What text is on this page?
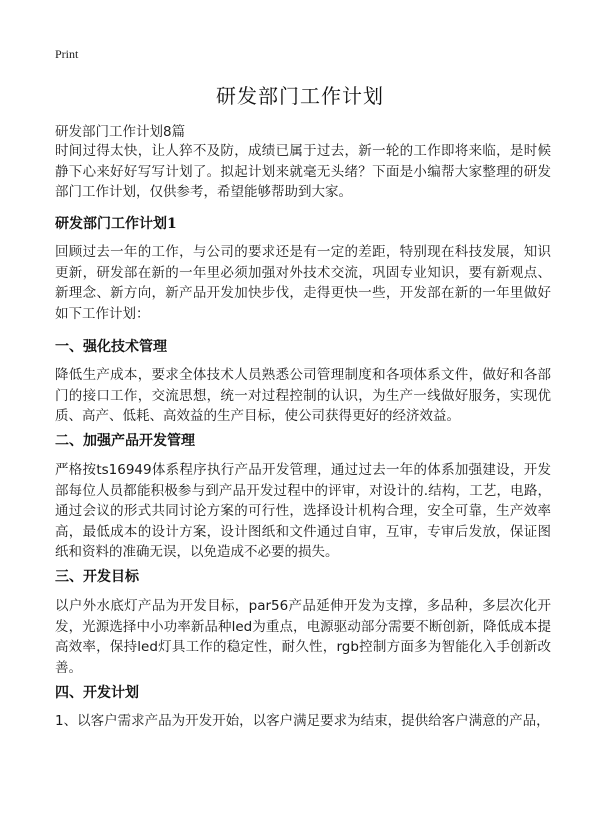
Print
研发部门工作计划
研发部门工作计划8篇

时间过得太快，让人猝不及防，成绩已属于过去，新一轮的工作即将来临，是时候静下心来好好写写计划了。拟起计划来就毫无头绪？下面是小编帮大家整理的研发部门工作计划，仅供参考，希望能够帮助到大家。

研发部门工作计划1

回顾过去一年的工作，与公司的要求还是有一定的差距，特别现在科技发展，知识更新，研发部在新的一年里必须加强对外技术交流，巩固专业知识，要有新观点、新理念、新方向，新产品开发加快步伐，走得更快一些，开发部在新的一年里做好如下工作计划：

一、强化技术管理

降低生产成本，要求全体技术人员熟悉公司管理制度和各项体系文件，做好和各部门的接口工作，交流思想，统一对过程控制的认识，为生产一线做好服务，实现优质、高产、低耗、高效益的生产目标，使公司获得更好的经济效益。

二、加强产品开发管理

严格按ts16949体系程序执行产品开发管理，通过过去一年的体系加强建设，开发部每位人员都能积极参与到产品开发过程中的评审，对设计的.结构，工艺，电路，通过会议的形式共同讨论方案的可行性，选择设计机构合理，安全可靠，生产效率高，最低成本的设计方案，设计图纸和文件通过自审，互审，专审后发放，保证图纸和资料的准确无误，以免造成不必要的损失。

三、开发目标

以户外水底灯产品为开发目标，par56产品延伸开发为支撑，多品种，多层次化开发，光源选择中小功率新品种led为重点，电源驱动部分需要不断创新，降低成本提高效率，保持led灯具工作的稳定性，耐久性，rgb控制方面多为智能化入手创新改善。

四、开发计划

1、以客户需求产品为开发开始，以客户满足要求为结束，提供给客户满意的产品，
